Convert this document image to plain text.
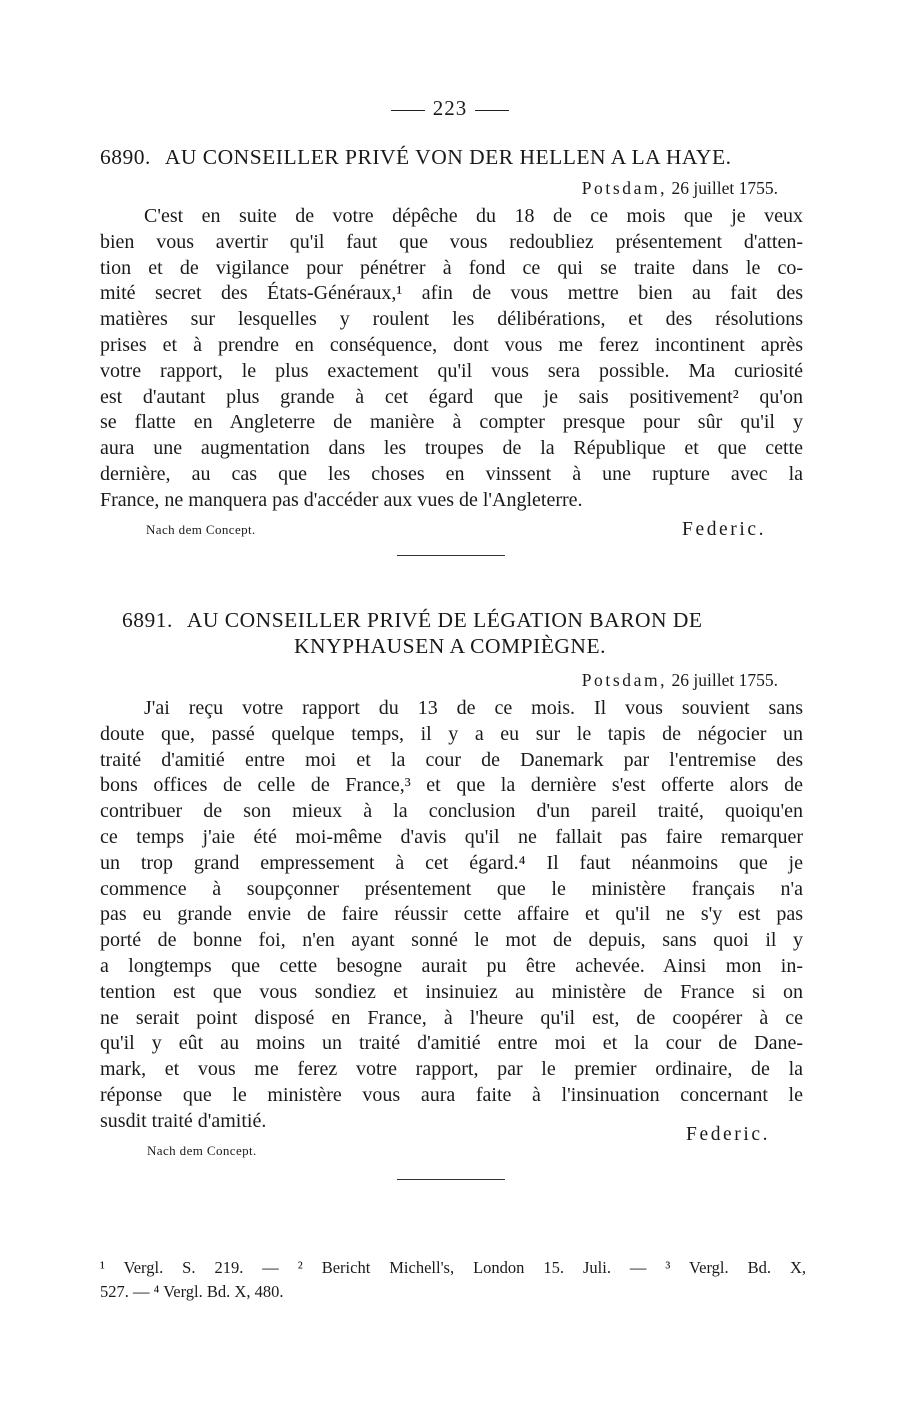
223
6890. AU CONSEILLER PRIVÉ VON DER HELLEN A LA HAYE.
Potsdam, 26 juillet 1755.
C'est en suite de votre dépêche du 18 de ce mois que je veux
bien vous avertir qu'il faut que vous redoubliez présentement d'atten-
tion et de vigilance pour pénétrer à fond ce qui se traite dans le co-
mité secret des États-Généraux,¹ afin de vous mettre bien au fait des
matières sur lesquelles y roulent les délibérations, et des résolutions
prises et à prendre en conséquence, dont vous me ferez incontinent après
votre rapport, le plus exactement qu'il vous sera possible. Ma curiosité
est d'autant plus grande à cet égard que je sais positivement² qu'on
se flatte en Angleterre de manière à compter presque pour sûr qu'il y
aura une augmentation dans les troupes de la République et que cette
dernière, au cas que les choses en vinssent à une rupture avec la
France, ne manquera pas d'accéder aux vues de l'Angleterre.
Nach dem Concept.	Federic.
6891. AU CONSEILLER PRIVÉ DE LÉGATION BARON DE
KNYPHAUSEN A COMPIÈGNE.
Potsdam, 26 juillet 1755.
J'ai reçu votre rapport du 13 de ce mois. Il vous souvient sans
doute que, passé quelque temps, il y a eu sur le tapis de négocier un
traité d'amitié entre moi et la cour de Danemark par l'entremise des
bons offices de celle de France,³ et que la dernière s'est offerte alors de
contribuer de son mieux à la conclusion d'un pareil traité, quoiqu'en
ce temps j'aie été moi-même d'avis qu'il ne fallait pas faire remarquer
un trop grand empressement à cet égard.⁴ Il faut néanmoins que je
commence à soupçonner présentement que le ministère français n'a
pas eu grande envie de faire réussir cette affaire et qu'il ne s'y est pas
porté de bonne foi, n'en ayant sonné le mot de depuis, sans quoi il y
a longtemps que cette besogne aurait pu être achevée. Ainsi mon in-
tention est que vous sondiez et insinuiez au ministère de France si on
ne serait point disposé en France, à l'heure qu'il est, de coopérer à ce
qu'il y eût au moins un traité d'amitié entre moi et la cour de Dane-
mark, et vous me ferez votre rapport, par le premier ordinaire, de la
réponse que le ministère vous aura faite à l'insinuation concernant le
susdit traité d'amitié.
Federic.
Nach dem Concept.
¹ Vergl. S. 219. — ² Bericht Michell's, London 15. Juli. — ³ Vergl. Bd. X,
527. — ⁴ Vergl. Bd. X, 480.
